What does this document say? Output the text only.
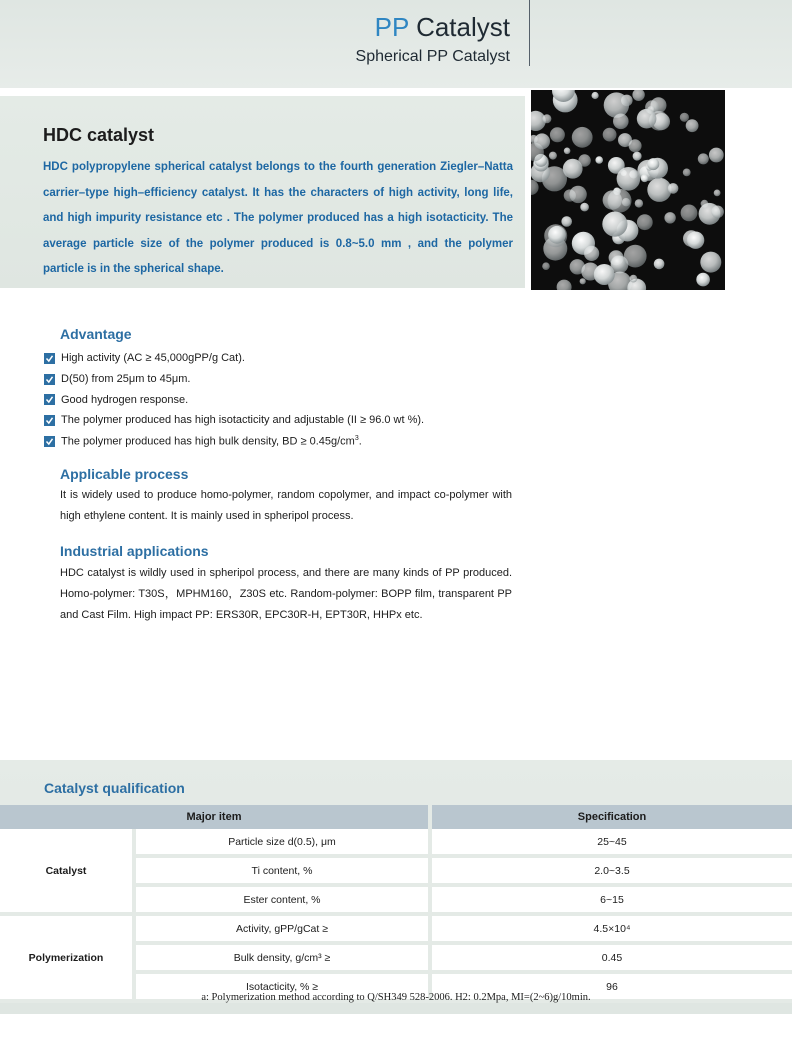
PP Catalyst
Spherical PP Catalyst
HDC catalyst
HDC polypropylene spherical catalyst belongs to the fourth generation Ziegler–Natta carrier–type high–efficiency catalyst. It has the characters of high activity, long life, and high impurity resistance etc . The polymer produced has a high isotacticity. The average particle size of the polymer produced is 0.8~5.0 mm , and the polymer particle is in the spherical shape.
Advantage
High activity (AC ≥ 45,000gPP/g Cat).
D(50) from 25μm to 45μm.
Good hydrogen response.
The polymer produced has high isotacticity and adjustable (II ≥ 96.0 wt %).
The polymer produced has high bulk density, BD ≥ $0.45g/cm^3$.
Applicable process
It is widely used to produce homo-polymer, random copolymer, and impact co-polymer with high ethylene content. It is mainly used in spheripol process.
Industrial applications
HDC catalyst is wildly used in spheripol process, and there are many kinds of PP produced. Homo-polymer: T30S，MPHM160，Z30S etc. Random-polymer: BOPP film, transparent PP and Cast Film. High impact PP: ERS30R, EPC30R-H, EPT30R, HHPx etc.
Catalyst qualification
Major item		Specification
Catalyst	Particle size d(0.5), μm	25~45
	Ti content, %	2.0~3.5
	Ester content, %	6~15
Polymerization	Activity, gPP/gCat ≥	4.5×10⁴
	Bulk density, g/cm³ ≥	0.45
	Isotacticity, % ≥	96
a: Polymerization method according to Q/SH349 528-2006. H2: 0.2Mpa, MI=(2~6)g/10min.
